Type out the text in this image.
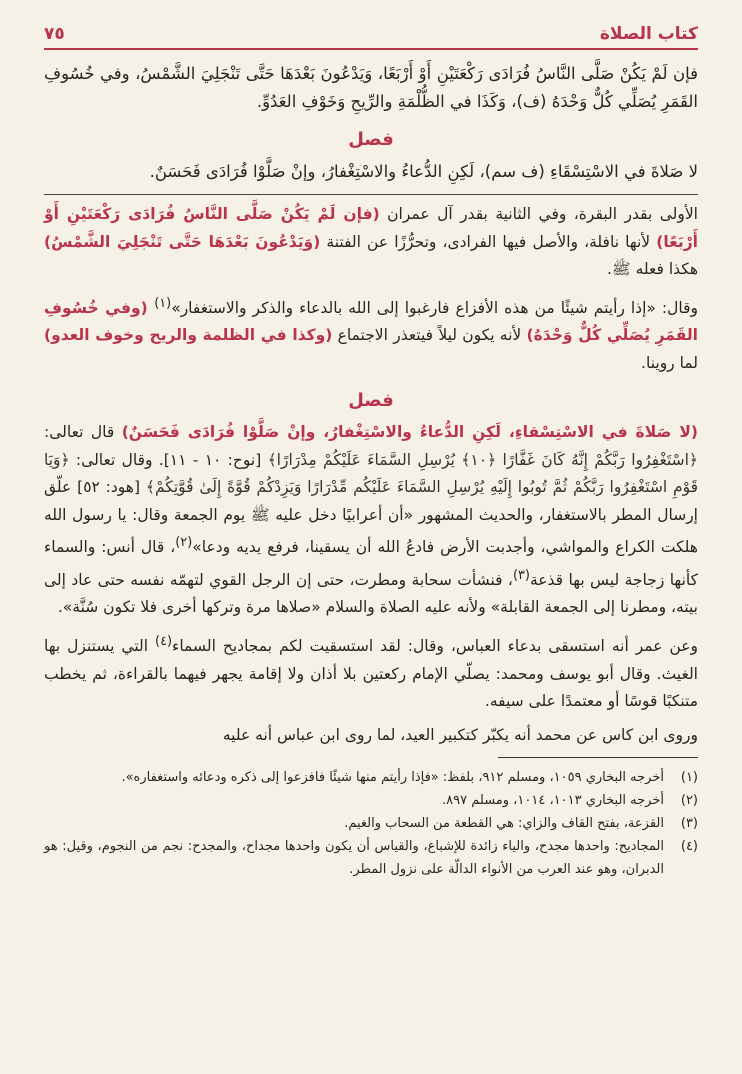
كتاب الصلاة
٧٥

فإن لَمْ يَكُنْ صَلَّى النَّاسُ فُرَادَى رَكْعَتَيْنِ أَوْ أَرْبَعًا، وَيَدْعُونَ بَعْدَهَا حَتَّى تَنْجَلِيَ الشَّمْسُ، وفي خُسُوفِ القَمَرِ يُصَلِّي كُلٌّ وَحْدَهُ (ف)، وَكَذَا في الظُّلْمَةِ والرِّيحِ وَخَوْفِ العَدُوِّ.

فصل

لا صَلاةَ في الاسْتِسْقَاءِ (ف سم)، لَكِنِ الدُّعاءُ والاسْتِغْفارُ، وإنْ صَلَّوْا فُرَادَى فَحَسَنٌ.

الأولى بقدر البقرة، وفي الثانية بقدر آل عمران (فإن لَمْ يَكُنْ صَلَّى النَّاسُ فُرَادَى رَكْعَتَيْنِ أَوْ أَرْبَعًا) لأنها نافلة، والأصل فيها الفرادى، وتحرُّزًا عن الفتنة (وَيَدْعُونَ بَعْدَهَا حَتَّى تَنْجَلِيَ الشَّمْسُ) هكذا فعله ﷺ.

وقال: «إذا رأيتم شيئًا من هذه الأفزاع فارغبوا إلى الله بالدعاء والذكر والاستغفار»$^{(١)}$ (وفي خُسُوفِ القَمَرِ يُصَلِّي كُلٌّ وَحْدَهُ) لأنه يكون ليلاً فيتعذر الاجتماع (وكذا في الظلمة والريح وخوف العدو) لما روينا.

فصل

(لا صَلاةَ في الاسْتِسْقاءِ، لَكِنِ الدُّعاءُ والاسْتِغْفارُ، وإنْ صَلَّوْا فُرَادَى فَحَسَنٌ) قال تعالى: ﴿اسْتَغْفِرُوا رَبَّكُمْ إِنَّهُ كَانَ غَفَّارًا ﴿١٠﴾ يُرْسِلِ السَّمَاءَ عَلَيْكُمْ مِدْرَارًا﴾ [نوح: ١٠ - ١١]. وقال تعالى: ﴿وَيَا قَوْمِ اسْتَغْفِرُوا رَبَّكُمْ ثُمَّ تُوبُوا إِلَيْهِ يُرْسِلِ السَّمَاءَ عَلَيْكُم مِّدْرَارًا وَيَزِدْكُمْ قُوَّةً إِلَىٰ قُوَّتِكُمْ﴾ [هود: ٥٢] علّق إرسال المطر بالاستغفار، والحديث المشهور «أن أعرابيًا دخل عليه ﷺ يوم الجمعة وقال: يا رسول الله هلكت الكراع والمواشي، وأجدبت الأرض فادعُ الله أن يسقينا، فرفع يديه ودعا»$^{(٢)}$، قال أنس: والسماء كأنها زجاجة ليس بها قذعة$^{(٣)}$، فنشأت سحابة ومطرت، حتى إن الرجل القوي لتهمّه نفسه حتى عاد إلى بيته، ومطرنا إلى الجمعة القابلة» ولأنه عليه الصلاة والسلام «صلاها مرة وتركها أخرى فلا تكون سُنَّة».

وعن عمر أنه استسقى بدعاء العباس، وقال: لقد استسقيت لكم بمجاديح السماء$^{(٤)}$ التي يستنزل بها الغيث. وقال أبو يوسف ومحمد: يصلّي الإمام ركعتين بلا أذان ولا إقامة يجهر فيهما بالقراءة، ثم يخطب متنكبًا قوسًا أو معتمدًا على سيفه.

وروى ابن كاس عن محمد أنه يكبّر كتكبير العيد، لما روى ابن عباس أنه عليه

(١)
أخرجه البخاري ١٠٥٩، ومسلم ٩١٢، بلفظ: «فإذا رأيتم منها شيئًا فافزعوا إلى ذكره ودعائه واستغفاره».
(٢)
أخرجه البخاري ١٠١٣، ١٠١٤، ومسلم ٨٩٧.
(٣)
القزعة، بفتح القاف والزاي: هي القطعة من السحاب والغيم.
(٤)
المجاديح: واحدها مجدح، والياء زائدة للإشباع، والقياس أن يكون واحدها مجداح، والمجدح: نجم من النجوم، وقيل: هو الدبران، وهو عند العرب من الأنواء الدالّة على نزول المطر.
